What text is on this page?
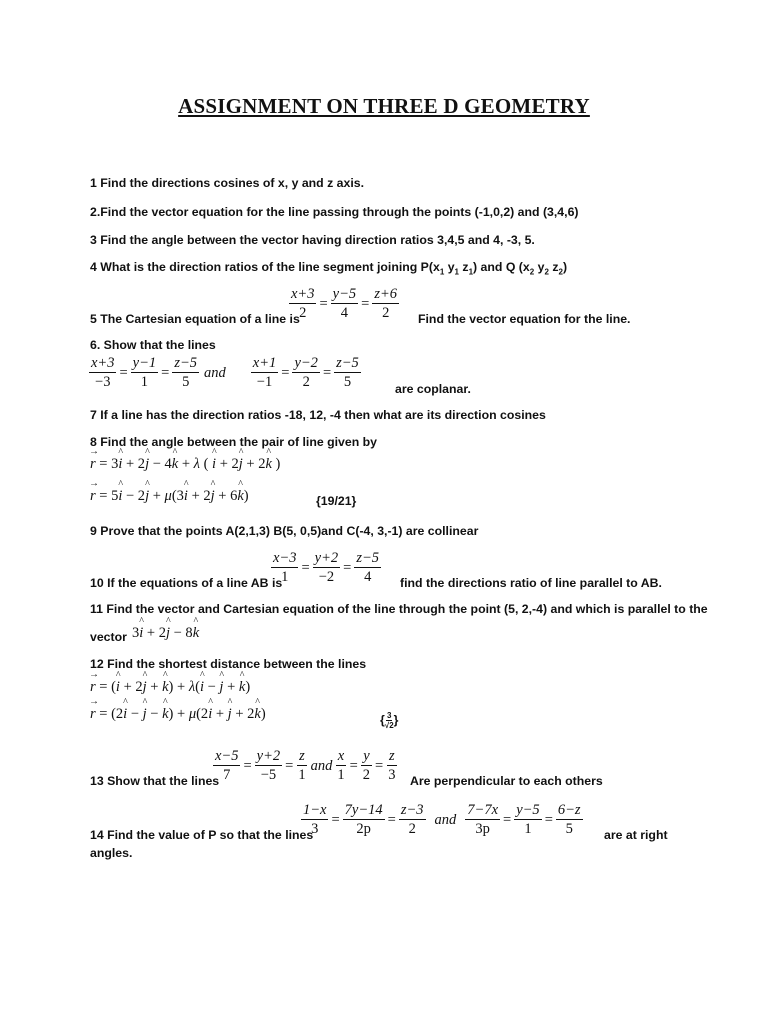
ASSIGNMENT ON THREE D GEOMETRY
1 Find the directions cosines of x, y and z axis.
2.Find the vector equation for the line passing through the points (-1,0,2) and (3,4,6)
3 Find the angle between the vector having direction ratios 3,4,5 and 4, -3, 5.
4 What is the direction ratios of the line segment joining $P(x_1$ $y_1$ $z_1$) and Q ($x_2$ $y_2$ $z_2$)
$\frac{x+3}{2} = \frac{y-5}{4} = \frac{z+6}{2}$
5 The Cartesian equation of a line is	Find the vector equation for the line.
6. Show that the lines
$\frac{x+3}{-3} = \frac{y-1}{1} = \frac{z-5}{5}$ and $\frac{x+1}{-1} = \frac{y-2}{2} = \frac{z-5}{5}$	are coplanar.
7 If a line has the direction ratios -18, 12, -4 then what are its direction cosines
8 Find the angle between the pair of line given by
→ r = 3^ i + 2^ j − 4^ k + λ ( ^ i + 2^ j + 2^ k )
→ r = 5^ i − 2^ j + μ(3^ i + 2^ j + 6^ k)	{19/21}
9 Prove that the points A(2,1,3) B(5, 0,5)and C(-4, 3,-1) are collinear
$\frac{x-3}{1} = \frac{y+2}{-2} = \frac{z-5}{4}$
10 If the equations of a line AB is	find the directions ratio of line parallel to AB.
11 Find the vector and Cartesian equation of the line through the point (5, 2,-4) and which is parallel to the
vector 3^ i + 2^ j − 8^ k
12 Find the shortest distance between the lines
→ r = (^ i + 2^ j + ^ k) + λ(^ i − ^ j + ^ k)
→ r = (2^ i − ^ j − ^ k) + μ(2^ i + ^ j + 2^ k)	{ $\frac{3}{√2}$ }
$\frac{x-5}{7} = \frac{y+2}{-5} = \frac{z}{1}$ and $\frac{x}{1} = \frac{y}{2} = \frac{z}{3}$
13 Show that the lines	Are perpendicular to each others
$\frac{1-x}{3} = \frac{7y-14}{2p} = \frac{z-3}{2}$ and $\frac{7-7x}{3p} = \frac{y-5}{1} = \frac{6-z}{5}$
14 Find the value of P so that the lines	are at right
angles.
